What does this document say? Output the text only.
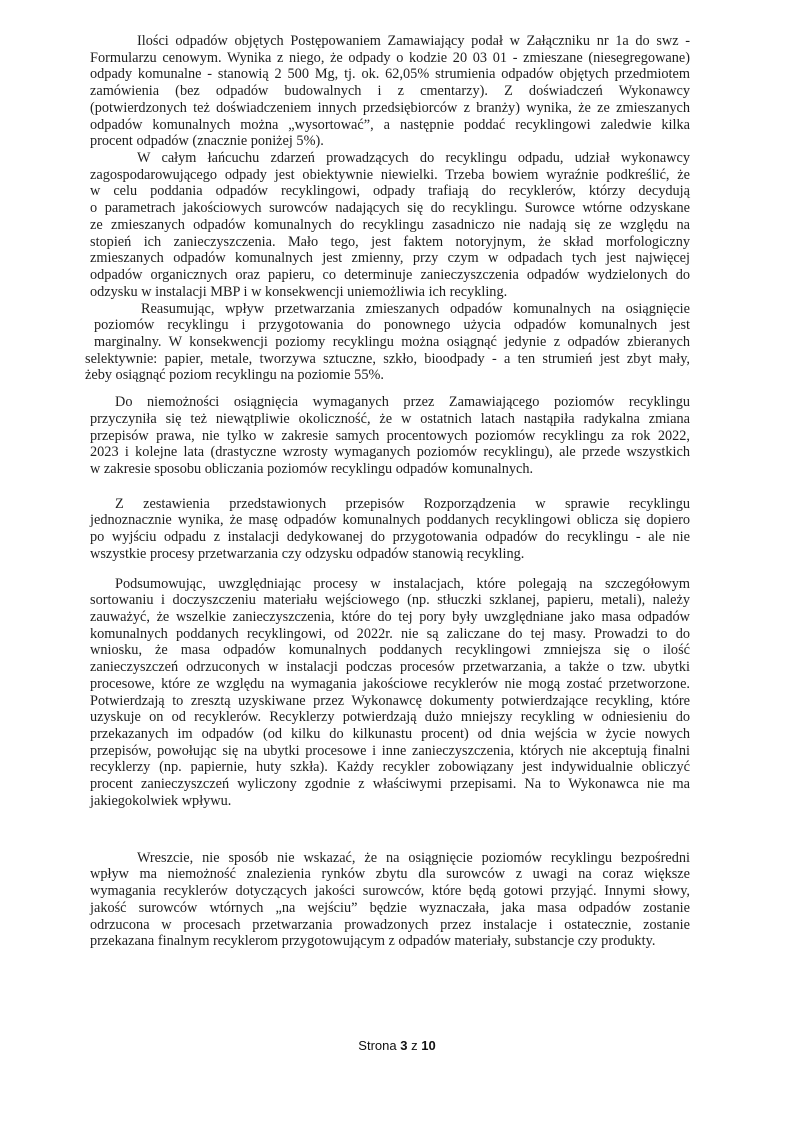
Ilości odpadów objętych Postępowaniem Zamawiający podał w Załączniku nr 1a do swz -
Formularzu cenowym. Wynika z niego, że odpady o kodzie 20 03 01 - zmieszane (niesegregowane)
odpady komunalne - stanowią 2 500 Mg, tj. ok. 62,05% strumienia odpadów objętych przedmiotem
zamówienia (bez odpadów budowalnych i z cmentarzy). Z doświadczeń Wykonawcy
(potwierdzonych też doświadczeniem innych przedsiębiorców z branży) wynika, że ze zmieszanych
odpadów komunalnych można „wysortować”, a następnie poddać recyklingowi zaledwie kilka
procent odpadów (znacznie poniżej 5%).
W całym łańcuchu zdarzeń prowadzących do recyklingu odpadu, udział wykonawcy
zagospodarowującego odpady jest obiektywnie niewielki. Trzeba bowiem wyraźnie podkreślić, że
w celu poddania odpadów recyklingowi, odpady trafiają do recyklerów, którzy decydują
o parametrach jakościowych surowców nadających się do recyklingu. Surowce wtórne odzyskane
ze zmieszanych odpadów komunalnych do recyklingu zasadniczo nie nadają się ze względu na
stopień ich zanieczyszczenia. Mało tego, jest faktem notoryjnym, że skład morfologiczny
zmieszanych odpadów komunalnych jest zmienny, przy czym w odpadach tych jest najwięcej
odpadów organicznych oraz papieru, co determinuje zanieczyszczenia odpadów wydzielonych do
odzysku w instalacji MBP i w konsekwencji uniemożliwia ich recykling.
Reasumując, wpływ przetwarzania zmieszanych odpadów komunalnych na osiągnięcie
poziomów recyklingu i przygotowania do ponownego użycia odpadów komunalnych jest
marginalny. W konsekwencji poziomy recyklingu można osiągnąć jedynie z odpadów zbieranych
selektywnie: papier, metale, tworzywa sztuczne, szkło, bioodpady - a ten strumień jest zbyt mały,
żeby osiągnąć poziom recyklingu na poziomie 55%.
Do niemożności osiągnięcia wymaganych przez Zamawiającego poziomów recyklingu
przyczyniła się też niewątpliwie okoliczność, że w ostatnich latach nastąpiła radykalna zmiana
przepisów prawa, nie tylko w zakresie samych procentowych poziomów recyklingu za rok 2022,
2023 i kolejne lata (drastyczne wzrosty wymaganych poziomów recyklingu), ale przede wszystkich
w zakresie sposobu obliczania poziomów recyklingu odpadów komunalnych.
Z zestawienia przedstawionych przepisów Rozporządzenia w sprawie recyklingu
jednoznacznie wynika, że masę odpadów komunalnych poddanych recyklingowi oblicza się dopiero
po wyjściu odpadu z instalacji dedykowanej do przygotowania odpadów do recyklingu - ale nie
wszystkie procesy przetwarzania czy odzysku odpadów stanowią recykling.
Podsumowując, uwzględniając procesy w instalacjach, które polegają na szczegółowym
sortowaniu i doczyszczeniu materiału wejściowego (np. stłuczki szklanej, papieru, metali), należy
zauważyć, że wszelkie zanieczyszczenia, które do tej pory były uwzględniane jako masa odpadów
komunalnych poddanych recyklingowi, od 2022r. nie są zaliczane do tej masy. Prowadzi to do
wniosku, że masa odpadów komunalnych poddanych recyklingowi zmniejsza się o ilość
zanieczyszczeń odrzuconych w instalacji podczas procesów przetwarzania, a także o tzw. ubytki
procesowe, które ze względu na wymagania jakościowe recyklerów nie mogą zostać przetworzone.
Potwierdzają to zresztą uzyskiwane przez Wykonawcę dokumenty potwierdzające recykling, które
uzyskuje on od recyklerów. Recyklerzy potwierdzają dużo mniejszy recykling w odniesieniu do
przekazanych im odpadów (od kilku do kilkunastu procent) od dnia wejścia w życie nowych
przepisów, powołując się na ubytki procesowe i inne zanieczyszczenia, których nie akceptują finalni
recyklerzy (np. papiernie, huty szkła). Każdy recykler zobowiązany jest indywidualnie obliczyć
procent zanieczyszczeń wyliczony zgodnie z właściwymi przepisami. Na to Wykonawca nie ma
jakiegokolwiek wpływu.
Wreszcie, nie sposób nie wskazać, że na osiągnięcie poziomów recyklingu bezpośredni
wpływ ma niemożność znalezienia rynków zbytu dla surowców z uwagi na coraz większe
wymagania recyklerów dotyczących jakości surowców, które będą gotowi przyjąć. Innymi słowy,
jakość surowców wtórnych „na wejściu” będzie wyznaczała, jaka masa odpadów zostanie
odrzucona w procesach przetwarzania prowadzonych przez instalacje i ostatecznie, zostanie
przekazana finalnym recyklerom przygotowującym z odpadów materiały, substancje czy produkty.
Strona 3 z 10
